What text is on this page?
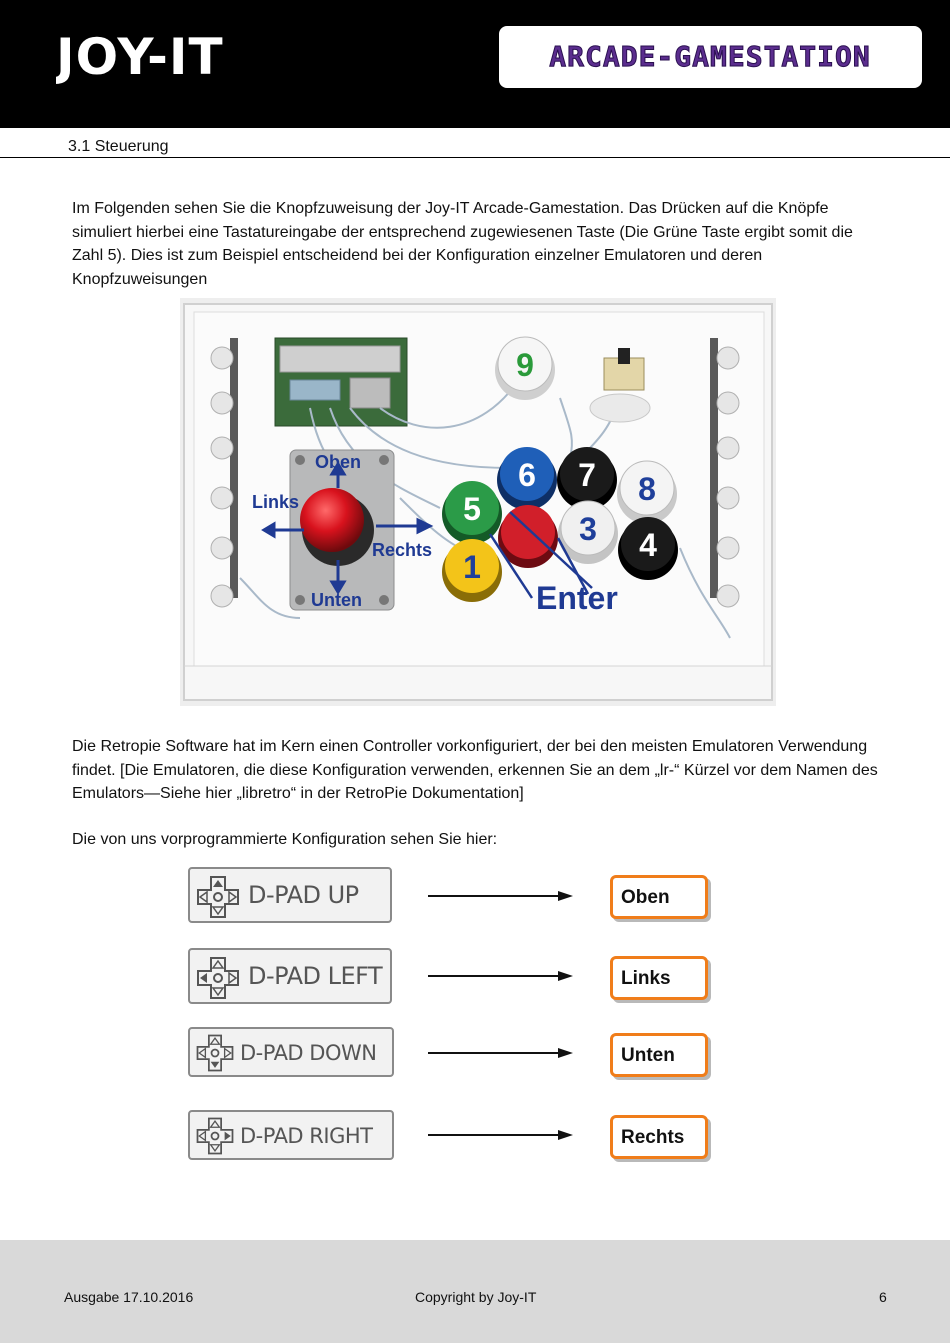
JOY-IT	ARCADE-GAMESTATION
3.1 Steuerung
Im Folgenden sehen Sie die Knopfzuweisung der Joy-IT Arcade-Gamestation. Das Drücken auf die Knöpfe simuliert hierbei eine Tastatureingabe der entsprechend zugewiesenen Taste (Die Grüne Taste ergibt somit die Zahl 5). Dies ist zum Beispiel entscheidend bei der Konfiguration einzelner Emulatoren und deren Knopfzuweisungen
Oben
Links
Rechts
Unten
9
6 7 8
5
3 4
1
Enter
Die Retropie Software hat im Kern einen Controller vorkonfiguriert, der bei den meisten Emulatoren Verwendung findet. [Die Emulatoren, die diese Konfiguration verwenden, erkennen Sie an dem „lr-“ Kürzel vor dem Namen des Emulators—Siehe hier „libretro“ in der RetroPie Dokumentation]
Die von uns vorprogrammierte Konfiguration sehen Sie hier:
D-PAD UP	Oben
D-PAD LEFT	Links
D-PAD DOWN	Unten
D-PAD RIGHT	Rechts
Ausgabe 17.10.2016	Copyright by Joy-IT	6
